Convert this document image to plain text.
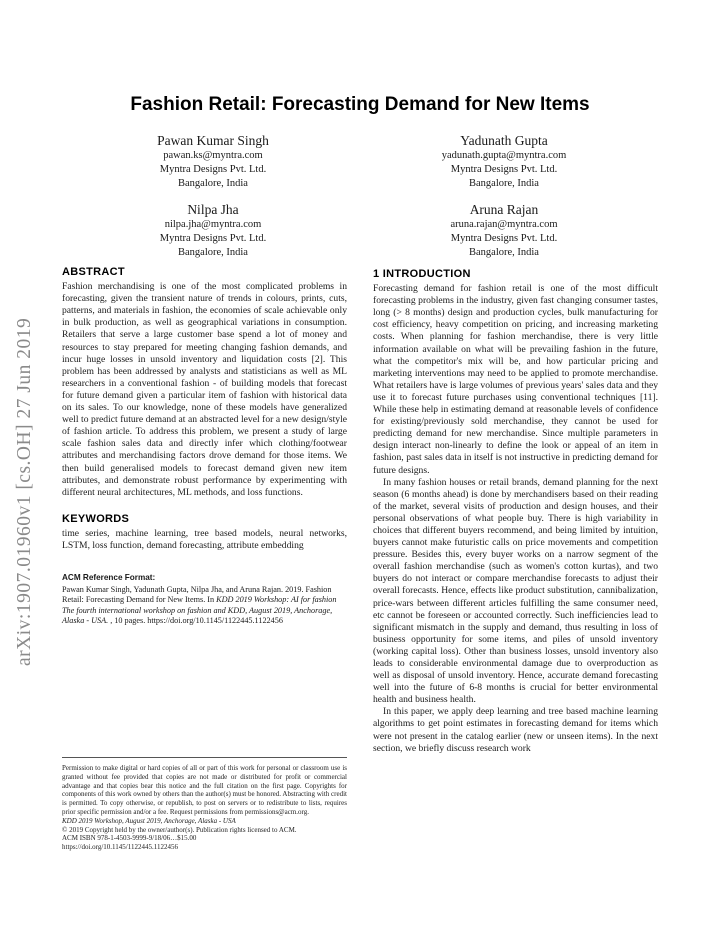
arXiv:1907.01960v1 [cs.OH] 27 Jun 2019
Fashion Retail: Forecasting Demand for New Items
Pawan Kumar Singh
pawan.ks@myntra.com
Myntra Designs Pvt. Ltd.
Bangalore, India
Yadunath Gupta
yadunath.gupta@myntra.com
Myntra Designs Pvt. Ltd.
Bangalore, India
Nilpa Jha
nilpa.jha@myntra.com
Myntra Designs Pvt. Ltd.
Bangalore, India
Aruna Rajan
aruna.rajan@myntra.com
Myntra Designs Pvt. Ltd.
Bangalore, India
ABSTRACT

Fashion merchandising is one of the most complicated problems in forecasting, given the transient nature of trends in colours, prints, cuts, patterns, and materials in fashion, the economies of scale achievable only in bulk production, as well as geographical variations in consumption. Retailers that serve a large customer base spend a lot of money and resources to stay prepared for meeting changing fashion demands, and incur huge losses in unsold inventory and liquidation costs [2]. This problem has been addressed by analysts and statisticians as well as ML researchers in a conventional fashion - of building models that forecast for future demand given a particular item of fashion with historical data on its sales. To our knowledge, none of these models have generalized well to predict future demand at an abstracted level for a new design/style of fashion article. To address this problem, we present a study of large scale fashion sales data and directly infer which clothing/footwear attributes and merchandising factors drove demand for those items. We then build generalised models to forecast demand given new item attributes, and demonstrate robust performance by experimenting with different neural architectures, ML methods, and loss functions.

KEYWORDS

time series, machine learning, tree based models, neural networks, LSTM, loss function, demand forecasting, attribute embedding

ACM Reference Format:
Pawan Kumar Singh, Yadunath Gupta, Nilpa Jha, and Aruna Rajan. 2019. Fashion Retail: Forecasting Demand for New Items. In KDD 2019 Workshop: AI for fashion The fourth international workshop on fashion and KDD, August 2019, Anchorage, Alaska - USA. , 10 pages. https://doi.org/10.1145/1122445.1122456
Permission to make digital or hard copies of all or part of this work for personal or classroom use is granted without fee provided that copies are not made or distributed for profit or commercial advantage and that copies bear this notice and the full citation on the first page. Copyrights for components of this work owned by others than the author(s) must be honored. Abstracting with credit is permitted. To copy otherwise, or republish, to post on servers or to redistribute to lists, requires prior specific permission and/or a fee. Request permissions from permissions@acm.org.
KDD 2019 Workshop, August 2019, Anchorage, Alaska - USA
© 2019 Copyright held by the owner/author(s). Publication rights licensed to ACM.
ACM ISBN 978-1-4503-9999-9/18/06…$15.00
https://doi.org/10.1145/1122445.1122456
1 INTRODUCTION

Forecasting demand for fashion retail is one of the most difficult forecasting problems in the industry, given fast changing consumer tastes, long (> 8 months) design and production cycles, bulk manufacturing for cost efficiency, heavy competition on pricing, and increasing marketing costs. When planning for fashion merchandise, there is very little information available on what will be prevailing fashion in the future, what the competitor's mix will be, and how particular pricing and marketing interventions may need to be applied to promote merchandise. What retailers have is large volumes of previous years' sales data and they use it to forecast future purchases using conventional techniques [11]. While these help in estimating demand at reasonable levels of confidence for existing/previously sold merchandise, they cannot be used for predicting demand for new merchandise. Since multiple parameters in design interact non-linearly to define the look or appeal of an item in fashion, past sales data in itself is not instructive in predicting demand for future designs.

In many fashion houses or retail brands, demand planning for the next season (6 months ahead) is done by merchandisers based on their reading of the market, several visits of production and design houses, and their personal observations of what people buy. There is high variability in choices that different buyers recommend, and being limited by intuition, buyers cannot make futuristic calls on price movements and competition pressure. Besides this, every buyer works on a narrow segment of the overall fashion merchandise (such as women's cotton kurtas), and two buyers do not interact or compare merchandise forecasts to adjust their overall forecasts. Hence, effects like product substitution, cannibalization, price-wars between different articles fulfilling the same consumer need, etc cannot be foreseen or accounted correctly. Such inefficiencies lead to significant mismatch in the supply and demand, thus resulting in loss of business opportunity for some items, and piles of unsold inventory (working capital loss). Other than business losses, unsold inventory also leads to considerable environmental damage due to overproduction as well as disposal of unsold inventory. Hence, accurate demand forecasting well into the future of 6-8 months is crucial for better environmental health and business health.

In this paper, we apply deep learning and tree based machine learning algorithms to get point estimates in forecasting demand for items which were not present in the catalog earlier (new or unseen items). In the next section, we briefly discuss research work
